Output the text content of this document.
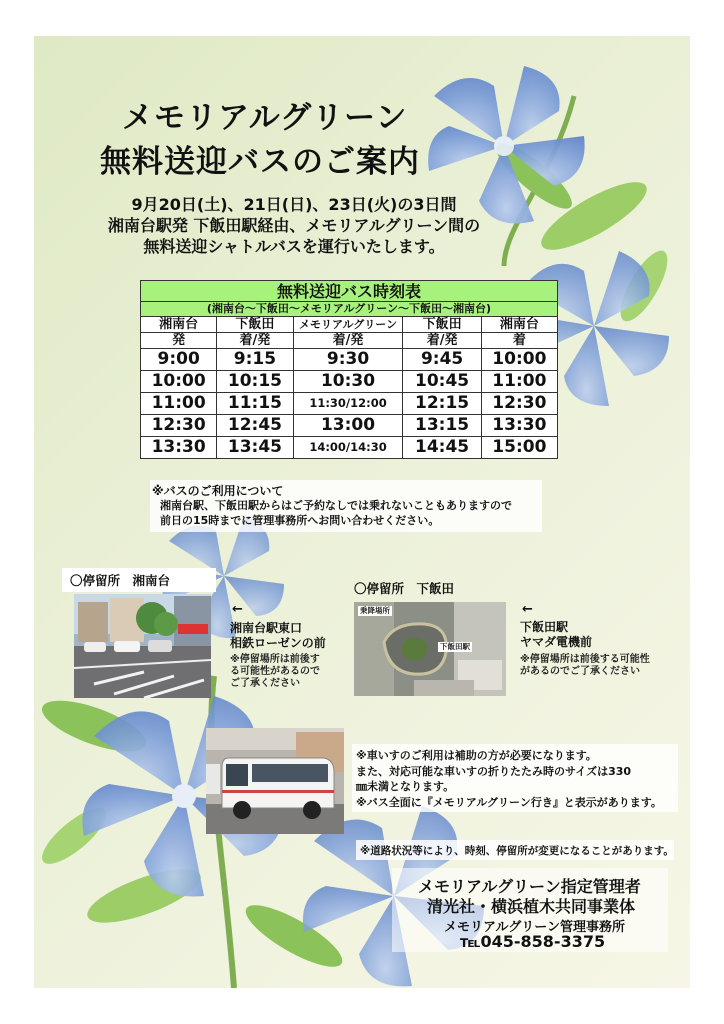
メモリアルグリーン
無料送迎バスのご案内
9月20日(土)、21日(日)、23日(火)の3日間
湘南台駅発 下飯田駅経由、メモリアルグリーン間の
無料送迎シャトルバスを運行いたします。
無料送迎バス時刻表				
(湘南台～下飯田～メモリアルグリーン～下飯田～湘南台)				
湘南台	下飯田	メモリアルグリーン	下飯田	湘南台
発	着/発	着/発	着/発	着
9:00	9:15	9:30	9:45	10:00
10:00	10:15	10:30	10:45	11:00
11:00	11:15	11:30/12:00	12:15	12:30
12:30	12:45	13:00	13:15	13:30
13:30	13:45	14:00/14:30	14:45	15:00
※バスのご利用について
湘南台駅、下飯田駅からはご予約なしでは乗れないこともありますので
前日の15時までに管理事務所へお問い合わせください。
〇停留所　湘南台
←
湘南台駅東口
相鉄ローゼンの前
※停留場所は前後す
る可能性があるので
ご了承ください
〇停留所　下飯田
乗降場所
下飯田駅
←
下飯田駅
ヤマダ電機前
※停留場所は前後する可能性
があるのでご了承ください
※車いすのご利用は補助の方が必要になります。
また、対応可能な車いすの折りたたみ時のサイズは330
㎜未満となります。
※バス全面に『メモリアルグリーン行き』と表示があります。
※道路状況等により、時刻、停留所が変更になることがあります。
メモリアルグリーン指定管理者
清光社・横浜植木共同事業体
メモリアルグリーン管理事務所
℡045-858-3375
